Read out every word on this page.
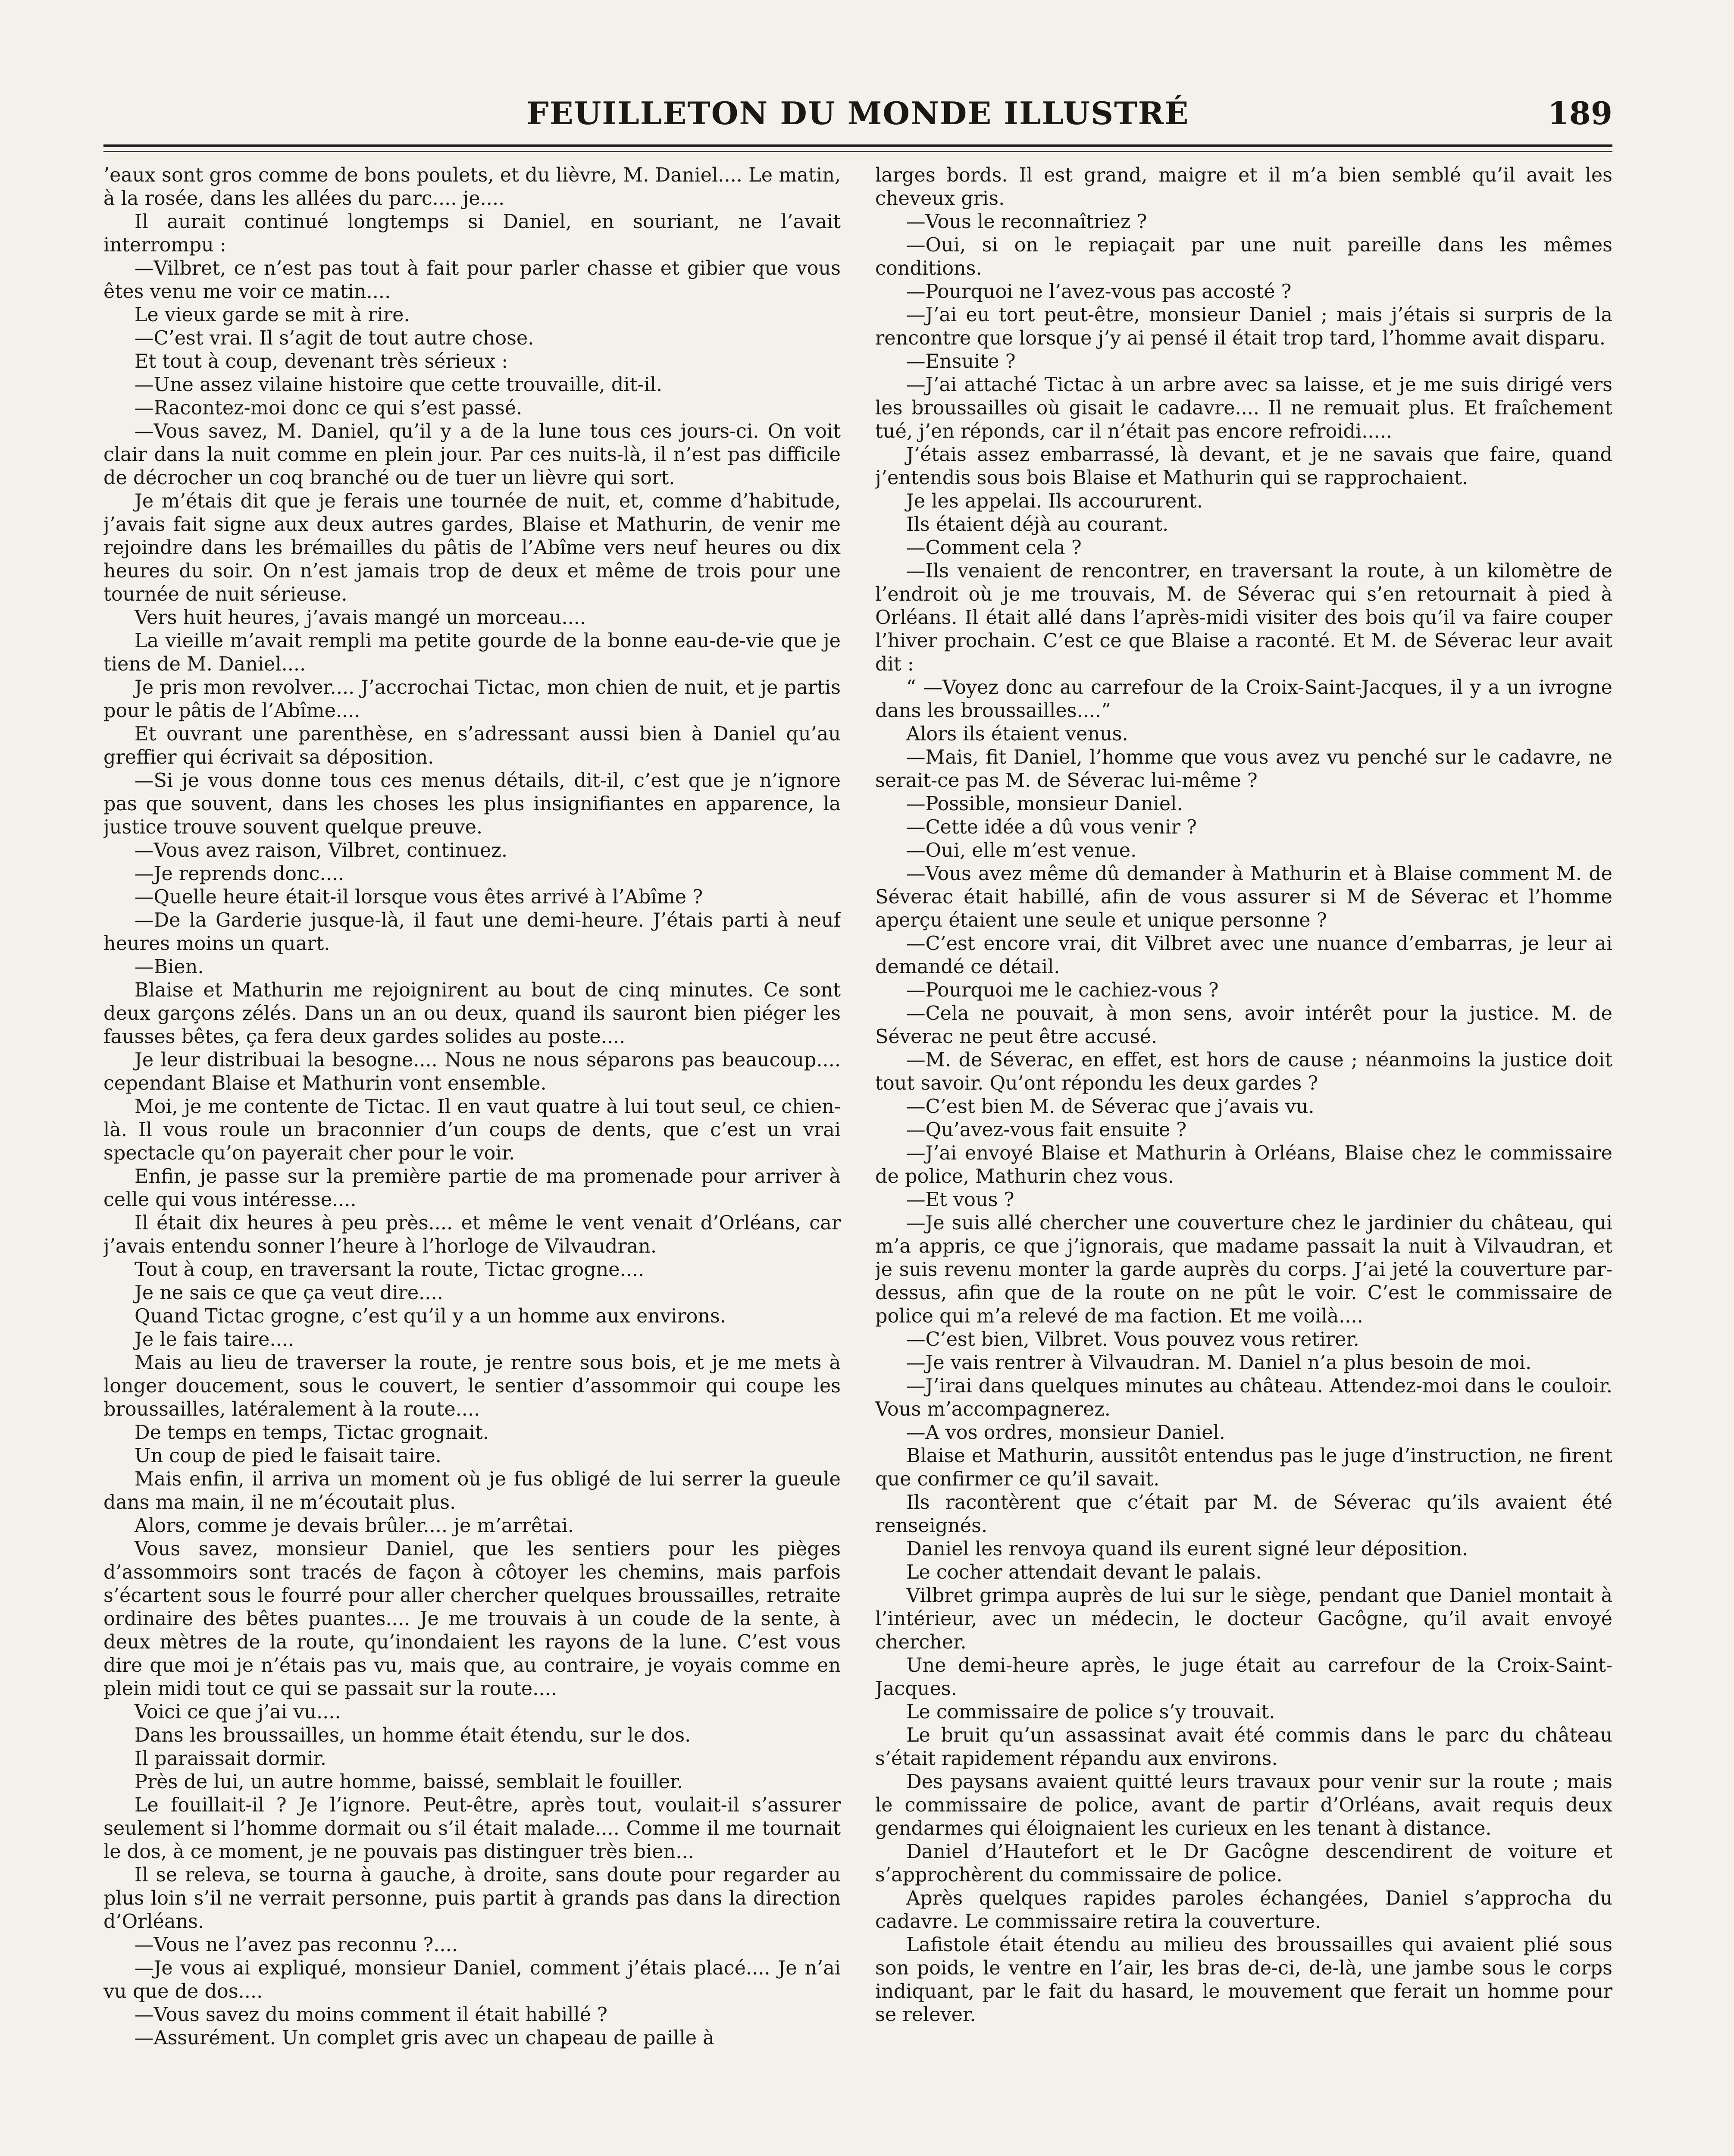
FEUILLETON DU MONDE ILLUSTRÉ	189

’eaux sont gros comme de bons poulets, et du lièvre, M. Daniel.... Le matin, à la rosée, dans les allées du parc.... je....

Il aurait continué longtemps si Daniel, en souriant, ne l’avait interrompu :

—Vilbret, ce n’est pas tout à fait pour parler chasse et gibier que vous êtes venu me voir ce matin....

Le vieux garde se mit à rire.

—C’est vrai. Il s’agit de tout autre chose.

Et tout à coup, devenant très sérieux :

—Une assez vilaine histoire que cette trouvaille, dit-il.

—Racontez-moi donc ce qui s’est passé.

—Vous savez, M. Daniel, qu’il y a de la lune tous ces jours-ci. On voit clair dans la nuit comme en plein jour. Par ces nuits-là, il n’est pas difficile de décrocher un coq branché ou de tuer un lièvre qui sort.

Je m’étais dit que je ferais une tournée de nuit, et, comme d’habitude, j’avais fait signe aux deux autres gardes, Blaise et Mathurin, de venir me rejoindre dans les brémailles du pâtis de l’Abîme vers neuf heures ou dix heures du soir. On n’est jamais trop de deux et même de trois pour une tournée de nuit sérieuse.

Vers huit heures, j’avais mangé un morceau....

La vieille m’avait rempli ma petite gourde de la bonne eau-de-vie que je tiens de M. Daniel....

Je pris mon revolver.... J’accrochai Tictac, mon chien de nuit, et je partis pour le pâtis de l’Abîme....

Et ouvrant une parenthèse, en s’adressant aussi bien à Daniel qu’au greffier qui écrivait sa déposition.

—Si je vous donne tous ces menus détails, dit-il, c’est que je n’ignore pas que souvent, dans les choses les plus insignifiantes en apparence, la justice trouve souvent quelque preuve.

—Vous avez raison, Vilbret, continuez.

—Je reprends donc....

—Quelle heure était-il lorsque vous êtes arrivé à l’Abîme ?

—De la Garderie jusque-là, il faut une demi-heure. J’étais parti à neuf heures moins un quart.

—Bien.

Blaise et Mathurin me rejoignirent au bout de cinq minutes. Ce sont deux garçons zélés. Dans un an ou deux, quand ils sauront bien piéger les fausses bêtes, ça fera deux gardes solides au poste....

Je leur distribuai la besogne.... Nous ne nous séparons pas beaucoup.... cependant Blaise et Mathurin vont ensemble.

Moi, je me contente de Tictac. Il en vaut quatre à lui tout seul, ce chien-là. Il vous roule un braconnier d’un coups de dents, que c’est un vrai spectacle qu’on payerait cher pour le voir.

Enfin, je passe sur la première partie de ma promenade pour arriver à celle qui vous intéresse....

Il était dix heures à peu près.... et même le vent venait d’Orléans, car j’avais entendu sonner l’heure à l’horloge de Vilvaudran.

Tout à coup, en traversant la route, Tictac grogne....

Je ne sais ce que ça veut dire....

Quand Tictac grogne, c’est qu’il y a un homme aux environs.

Je le fais taire....

Mais au lieu de traverser la route, je rentre sous bois, et je me mets à longer doucement, sous le couvert, le sentier d’assommoir qui coupe les broussailles, latéralement à la route....

De temps en temps, Tictac grognait.

Un coup de pied le faisait taire.

Mais enfin, il arriva un moment où je fus obligé de lui serrer la gueule dans ma main, il ne m’écoutait plus.

Alors, comme je devais brûler.... je m’arrêtai.

Vous savez, monsieur Daniel, que les sentiers pour les pièges d’assommoirs sont tracés de façon à côtoyer les chemins, mais parfois s’écartent sous le fourré pour aller chercher quelques broussailles, retraite ordinaire des bêtes puantes.... Je me trouvais à un coude de la sente, à deux mètres de la route, qu’inondaient les rayons de la lune. C’est vous dire que moi je n’étais pas vu, mais que, au contraire, je voyais comme en plein midi tout ce qui se passait sur la route....

Voici ce que j’ai vu....

Dans les broussailles, un homme était étendu, sur le dos.

Il paraissait dormir.

Près de lui, un autre homme, baissé, semblait le fouiller.

Le fouillait-il ? Je l’ignore. Peut-être, après tout, voulait-il s’assurer seulement si l’homme dormait ou s’il était malade.... Comme il me tournait le dos, à ce moment, je ne pouvais pas distinguer très bien...

Il se releva, se tourna à gauche, à droite, sans doute pour regarder au plus loin s’il ne verrait personne, puis partit à grands pas dans la direction d’Orléans.

—Vous ne l’avez pas reconnu ?....

—Je vous ai expliqué, monsieur Daniel, comment j’étais placé.... Je n’ai vu que de dos....

—Vous savez du moins comment il était habillé ?

—Assurément. Un complet gris avec un chapeau de paille à

larges bords. Il est grand, maigre et il m’a bien semblé qu’il avait les cheveux gris.

—Vous le reconnaîtriez ?

—Oui, si on le repiaçait par une nuit pareille dans les mêmes conditions.

—Pourquoi ne l’avez-vous pas accosté ?

—J’ai eu tort peut-être, monsieur Daniel ; mais j’étais si surpris de la rencontre que lorsque j’y ai pensé il était trop tard, l’homme avait disparu.

—Ensuite ?

—J’ai attaché Tictac à un arbre avec sa laisse, et je me suis dirigé vers les broussailles où gisait le cadavre.... Il ne remuait plus. Et fraîchement tué, j’en réponds, car il n’était pas encore refroidi.....

J’étais assez embarrassé, là devant, et je ne savais que faire, quand j’entendis sous bois Blaise et Mathurin qui se rapprochaient.

Je les appelai. Ils accoururent.

Ils étaient déjà au courant.

—Comment cela ?

—Ils venaient de rencontrer, en traversant la route, à un kilomètre de l’endroit où je me trouvais, M. de Séverac qui s’en retournait à pied à Orléans. Il était allé dans l’après-midi visiter des bois qu’il va faire couper l’hiver prochain. C’est ce que Blaise a raconté. Et M. de Séverac leur avait dit :

“ —Voyez donc au carrefour de la Croix-Saint-Jacques, il y a un ivrogne dans les broussailles....”

Alors ils étaient venus.

—Mais, fit Daniel, l’homme que vous avez vu penché sur le cadavre, ne serait-ce pas M. de Séverac lui-même ?

—Possible, monsieur Daniel.

—Cette idée a dû vous venir ?

—Oui, elle m’est venue.

—Vous avez même dû demander à Mathurin et à Blaise comment M. de Séverac était habillé, afin de vous assurer si M de Séverac et l’homme aperçu étaient une seule et unique personne ?

—C’est encore vrai, dit Vilbret avec une nuance d’embarras, je leur ai demandé ce détail.

—Pourquoi me le cachiez-vous ?

—Cela ne pouvait, à mon sens, avoir intérêt pour la justice. M. de Séverac ne peut être accusé.

—M. de Séverac, en effet, est hors de cause ; néanmoins la justice doit tout savoir. Qu’ont répondu les deux gardes ?

—C’est bien M. de Séverac que j’avais vu.

—Qu’avez-vous fait ensuite ?

—J’ai envoyé Blaise et Mathurin à Orléans, Blaise chez le commissaire de police, Mathurin chez vous.

—Et vous ?

—Je suis allé chercher une couverture chez le jardinier du château, qui m’a appris, ce que j’ignorais, que madame passait la nuit à Vilvaudran, et je suis revenu monter la garde auprès du corps. J’ai jeté la couverture par-dessus, afin que de la route on ne pût le voir. C’est le commissaire de police qui m’a relevé de ma faction. Et me voilà....

—C’est bien, Vilbret. Vous pouvez vous retirer.

—Je vais rentrer à Vilvaudran. M. Daniel n’a plus besoin de moi.

—J’irai dans quelques minutes au château. Attendez-moi dans le couloir. Vous m’accompagnerez.

—A vos ordres, monsieur Daniel.

Blaise et Mathurin, aussitôt entendus pas le juge d’instruction, ne firent que confirmer ce qu’il savait.

Ils racontèrent que c’était par M. de Séverac qu’ils avaient été renseignés.

Daniel les renvoya quand ils eurent signé leur déposition.

Le cocher attendait devant le palais.

Vilbret grimpa auprès de lui sur le siège, pendant que Daniel montait à l’intérieur, avec un médecin, le docteur Gacôgne, qu’il avait envoyé chercher.

Une demi-heure après, le juge était au carrefour de la Croix-Saint-Jacques.

Le commissaire de police s’y trouvait.

Le bruit qu’un assassinat avait été commis dans le parc du château s’était rapidement répandu aux environs.

Des paysans avaient quitté leurs travaux pour venir sur la route ; mais le commissaire de police, avant de partir d’Orléans, avait requis deux gendarmes qui éloignaient les curieux en les tenant à distance.

Daniel d’Hautefort et le Dr Gacôgne descendirent de voiture et s’approchèrent du commissaire de police.

Après quelques rapides paroles échangées, Daniel s’approcha du cadavre. Le commissaire retira la couverture.

Lafistole était étendu au milieu des broussailles qui avaient plié sous son poids, le ventre en l’air, les bras de-ci, de-là, une jambe sous le corps indiquant, par le fait du hasard, le mouvement que ferait un homme pour se relever.
